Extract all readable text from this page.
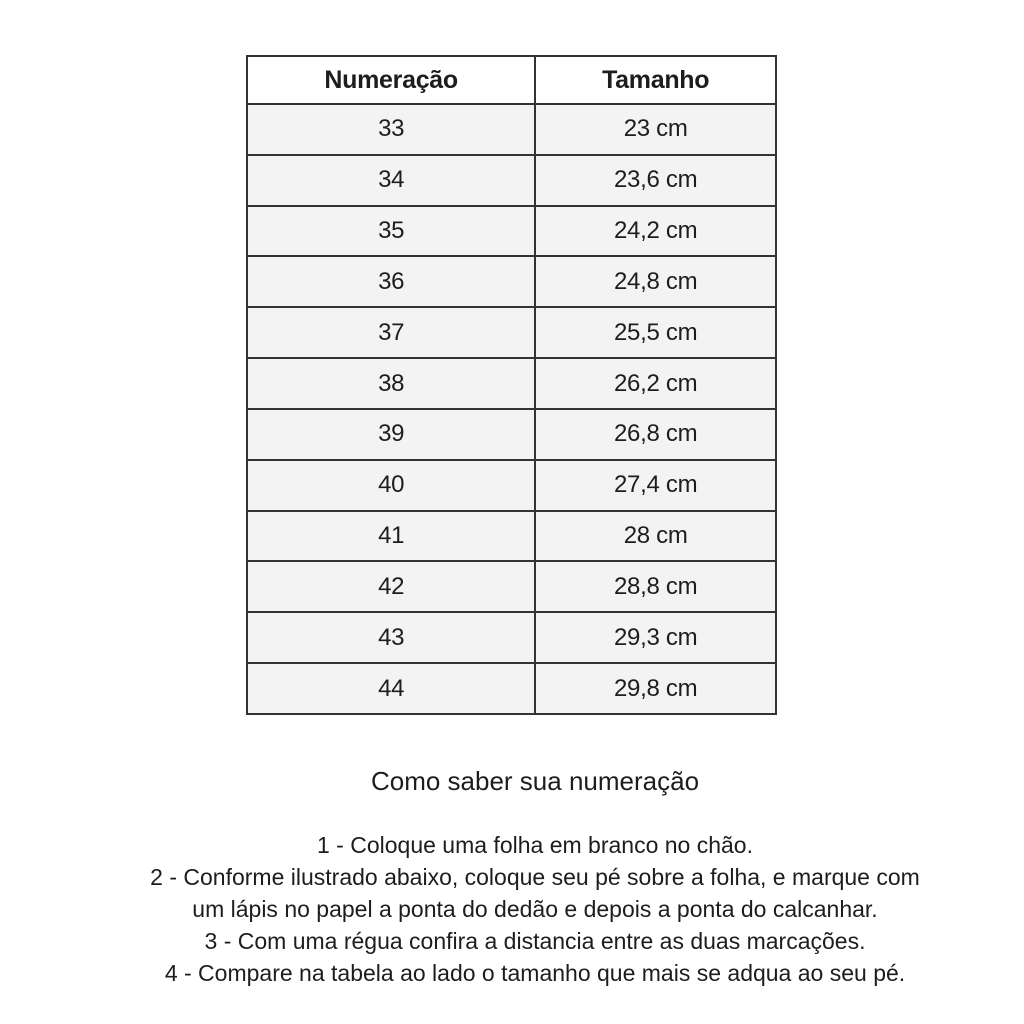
Numeração	Tamanho
33	23 cm
34	23,6 cm
35	24,2 cm
36	24,8 cm
37	25,5 cm
38	26,2 cm
39	26,8 cm
40	27,4 cm
41	28 cm
42	28,8 cm
43	29,3 cm
44	29,8 cm
Como saber sua numeração
1 - Coloque uma folha em branco no chão.
2 - Conforme ilustrado abaixo, coloque seu pé sobre a folha, e marque com
um lápis no papel a ponta do dedão e depois a ponta do calcanhar.
3 - Com uma régua confira a distancia entre as duas marcações.
4 - Compare na tabela ao lado o tamanho que mais se adqua ao seu pé.
